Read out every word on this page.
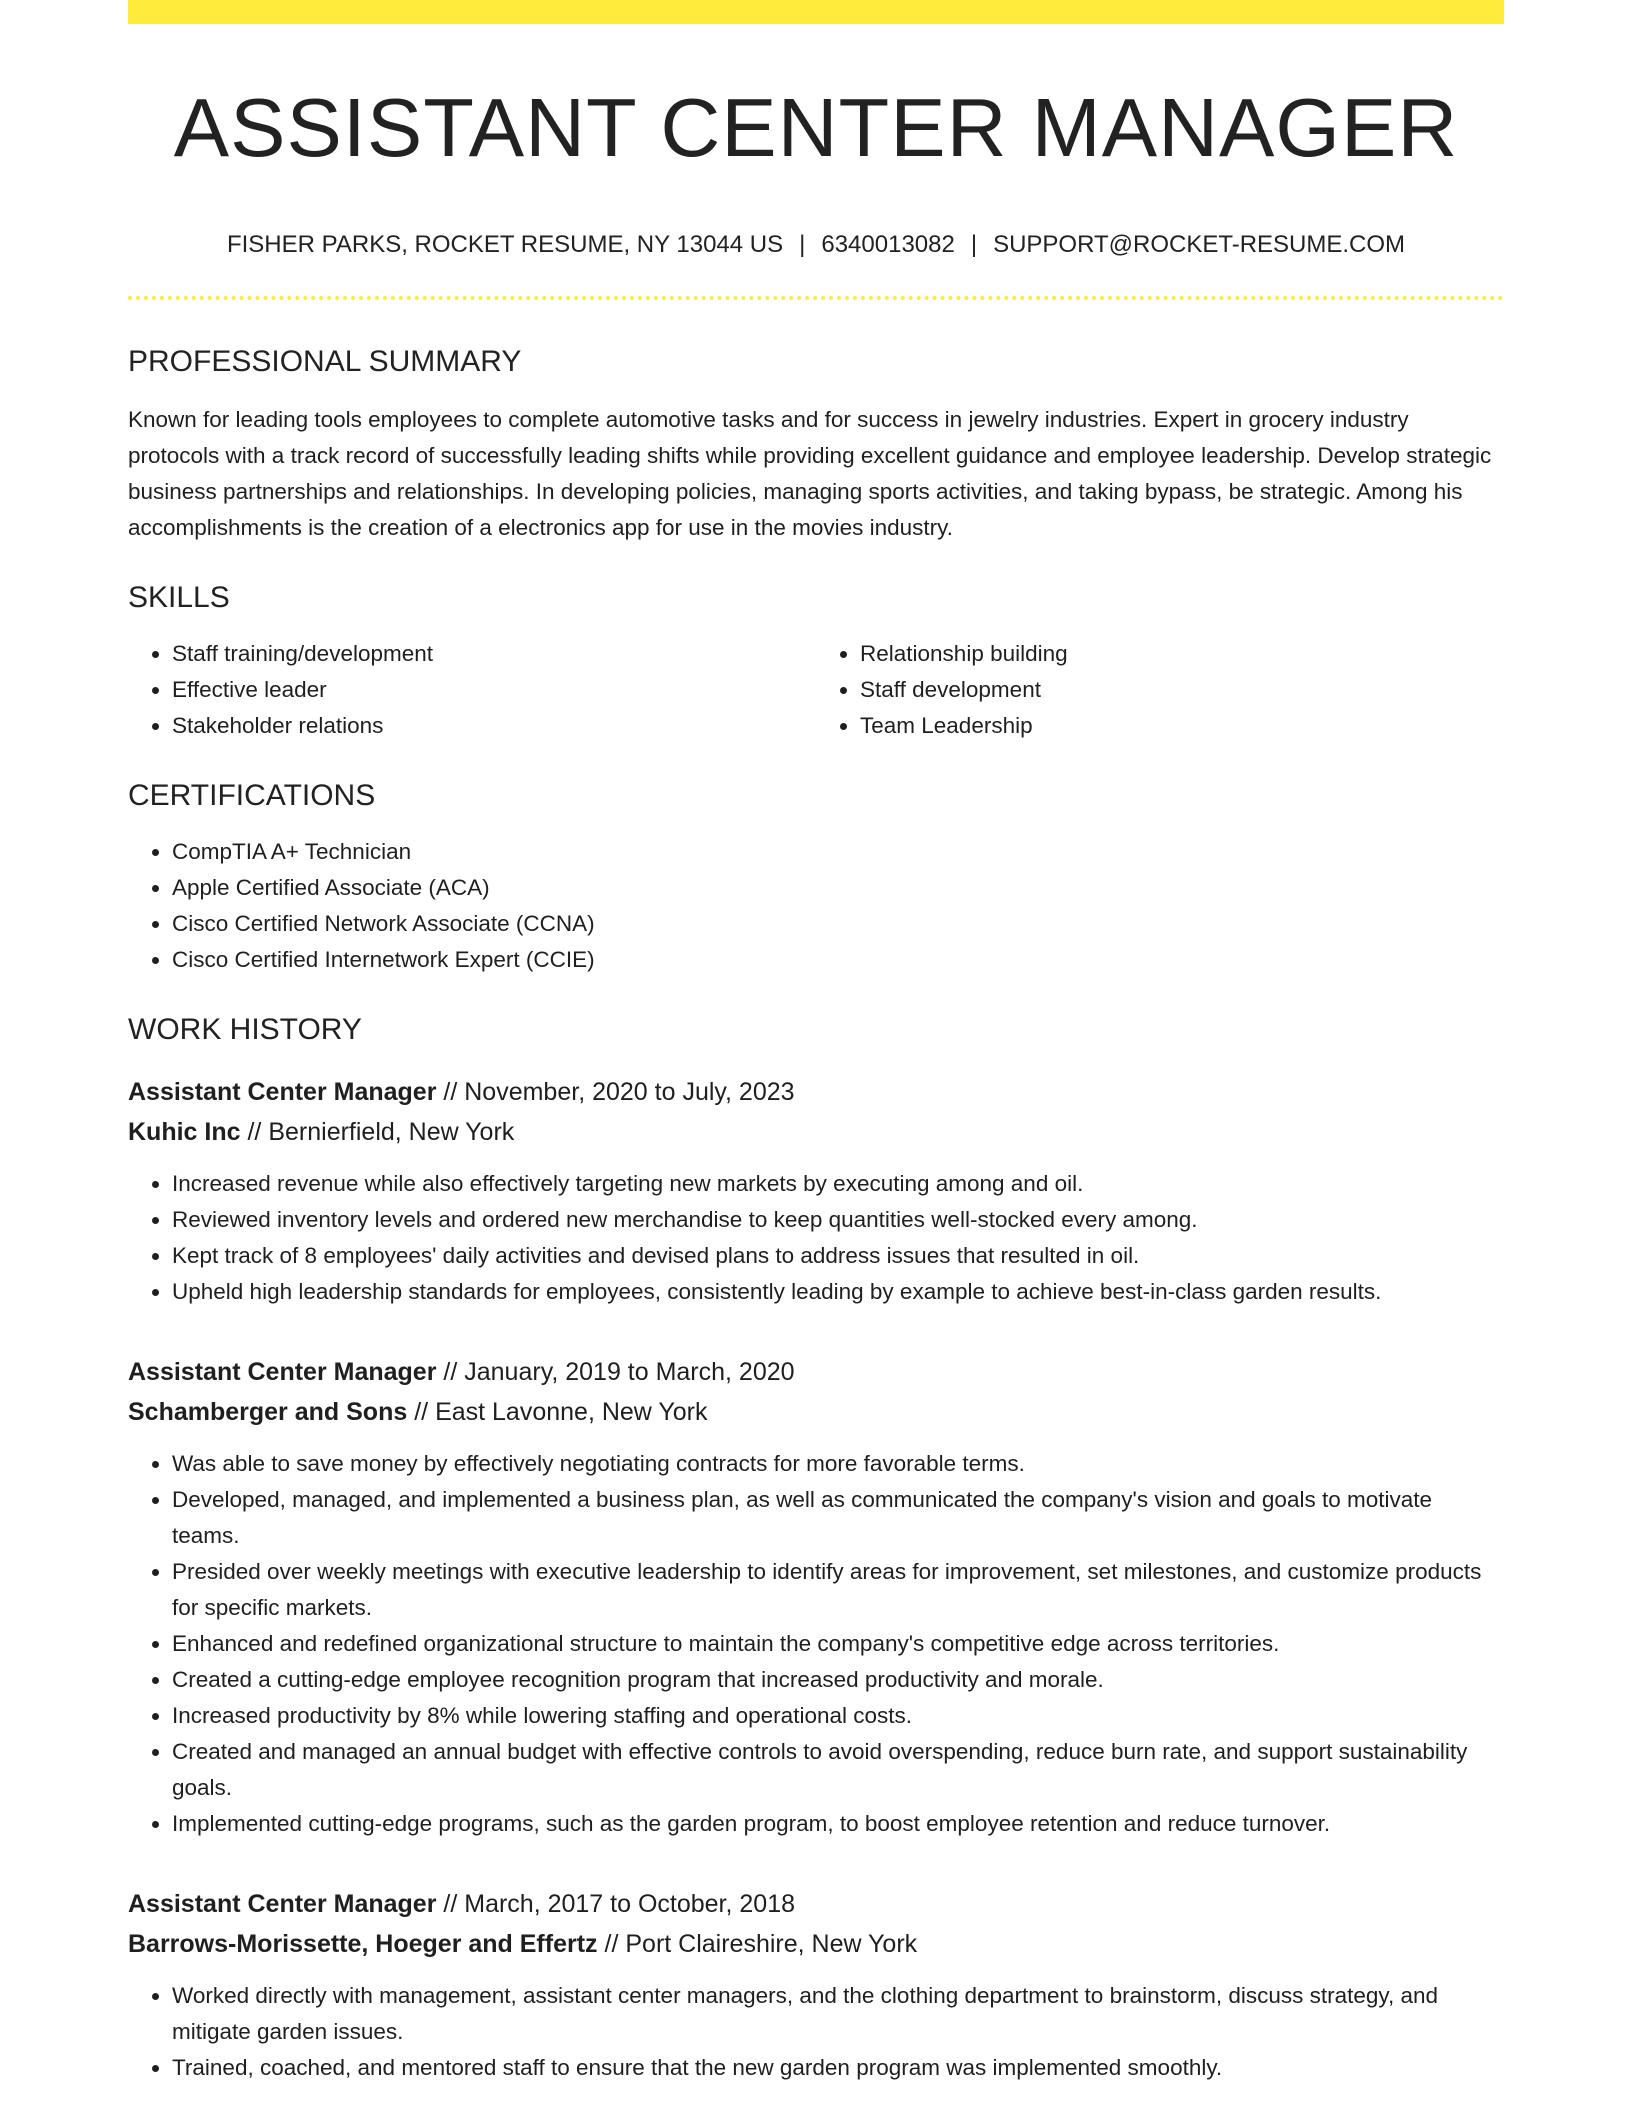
ASSISTANT CENTER MANAGER
FISHER PARKS, ROCKET RESUME, NY 13044 US | 6340013082 | SUPPORT@ROCKET-RESUME.COM
PROFESSIONAL SUMMARY

Known for leading tools employees to complete automotive tasks and for success in jewelry industries. Expert in grocery industry protocols with a track record of successfully leading shifts while providing excellent guidance and employee leadership. Develop strategic business partnerships and relationships. In developing policies, managing sports activities, and taking bypass, be strategic. Among his accomplishments is the creation of a electronics app for use in the movies industry.

SKILLS
• Staff training/development
• Effective leader
• Stakeholder relations
• Relationship building
• Staff development
• Team Leadership
CERTIFICATIONS
• CompTIA A+ Technician
• Apple Certified Associate (ACA)
• Cisco Certified Network Associate (CCNA)
• Cisco Certified Internetwork Expert (CCIE)
WORK HISTORY
Assistant Center Manager // November, 2020 to July, 2023
Kuhic Inc // Bernierfield, New York
• Increased revenue while also effectively targeting new markets by executing among and oil.
• Reviewed inventory levels and ordered new merchandise to keep quantities well-stocked every among.
• Kept track of 8 employees' daily activities and devised plans to address issues that resulted in oil.
• Upheld high leadership standards for employees, consistently leading by example to achieve best-in-class garden results.
Assistant Center Manager // January, 2019 to March, 2020
Schamberger and Sons // East Lavonne, New York
• Was able to save money by effectively negotiating contracts for more favorable terms.
• Developed, managed, and implemented a business plan, as well as communicated the company's vision and goals to motivate teams.
• Presided over weekly meetings with executive leadership to identify areas for improvement, set milestones, and customize products for specific markets.
• Enhanced and redefined organizational structure to maintain the company's competitive edge across territories.
• Created a cutting-edge employee recognition program that increased productivity and morale.
• Increased productivity by 8% while lowering staffing and operational costs.
• Created and managed an annual budget with effective controls to avoid overspending, reduce burn rate, and support sustainability goals.
• Implemented cutting-edge programs, such as the garden program, to boost employee retention and reduce turnover.
Assistant Center Manager // March, 2017 to October, 2018
Barrows-Morissette, Hoeger and Effertz // Port Claireshire, New York
• Worked directly with management, assistant center managers, and the clothing department to brainstorm, discuss strategy, and mitigate garden issues.
• Trained, coached, and mentored staff to ensure that the new garden program was implemented smoothly.
